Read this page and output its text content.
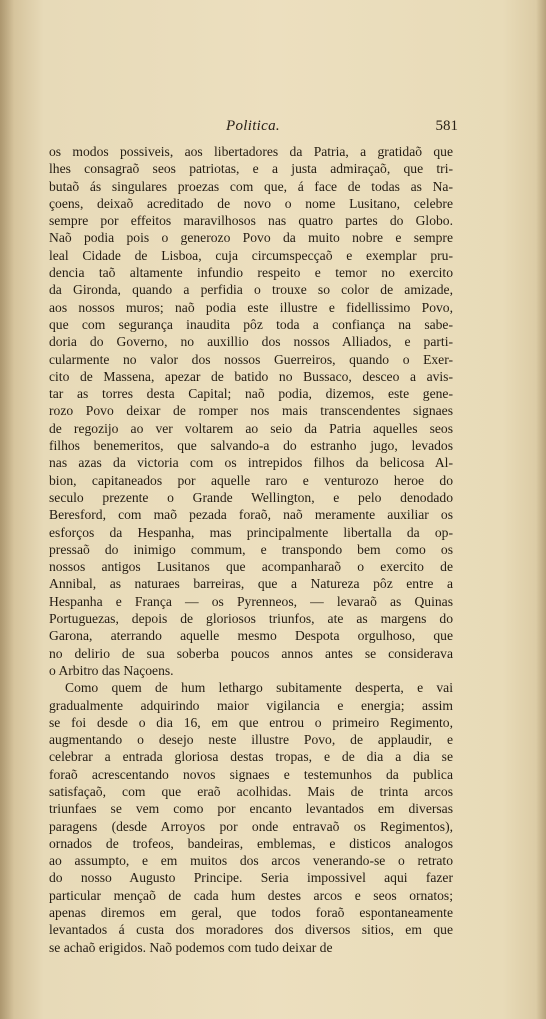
Politica.	581
os modos possiveis, aos libertadores da Patria, a gratidaõ que
lhes consagraõ seos patriotas, e a justa admiraçaõ, que tri-
butaõ ás singulares proezas com que, á face de todas as Na-
çoens, deixaõ acreditado de novo o nome Lusitano, celebre
sempre por effeitos maravilhosos nas quatro partes do Globo.
Naõ podia pois o generozo Povo da muito nobre e sempre
leal Cidade de Lisboa, cuja circumspecçaõ e exemplar pru-
dencia taõ altamente infundio respeito e temor no exercito
da Gironda, quando a perfidia o trouxe so color de amizade,
aos nossos muros; naõ podia este illustre e fidellissimo Povo,
que com segurança inaudita pôz toda a confiança na sabe-
doria do Governo, no auxillio dos nossos Alliados, e parti-
cularmente no valor dos nossos Guerreiros, quando o Exer-
cito de Massena, apezar de batido no Bussaco, desceo a avis-
tar as torres desta Capital; naõ podia, dizemos, este gene-
rozo Povo deixar de romper nos mais transcendentes signaes
de regozijo ao ver voltarem ao seio da Patria aquelles seos
filhos benemeritos, que salvando-a do estranho jugo, levados
nas azas da victoria com os intrepidos filhos da belicosa Al-
bion, capitaneados por aquelle raro e venturozo heroe do
seculo prezente o Grande Wellington, e pelo denodado
Beresford, com maõ pezada foraõ, naõ meramente auxiliar os
esforços da Hespanha, mas principalmente libertalla da op-
pressaõ do inimigo commum, e transpondo bem como os
nossos antigos Lusitanos que acompanharaõ o exercito de
Annibal, as naturaes barreiras, que a Natureza pôz entre a
Hespanha e França — os Pyrenneos, — levaraõ as Quinas
Portuguezas, depois de gloriosos triunfos, ate as margens do
Garona, aterrando aquelle mesmo Despota orgulhoso, que
no delirio de sua soberba poucos annos antes se considerava
o Arbitro das Naçoens.
Como quem de hum lethargo subitamente desperta, e vai
gradualmente adquirindo maior vigilancia e energia; assim
se foi desde o dia 16, em que entrou o primeiro Regimento,
augmentando o desejo neste illustre Povo, de applaudir, e
celebrar a entrada gloriosa destas tropas, e de dia a dia se
foraõ acrescentando novos signaes e testemunhos da publica
satisfaçaõ, com que eraõ acolhidas. Mais de trinta arcos
triunfaes se vem como por encanto levantados em diversas
paragens (desde Arroyos por onde entravaõ os Regimentos),
ornados de trofeos, bandeiras, emblemas, e disticos analogos
ao assumpto, e em muitos dos arcos venerando-se o retrato
do nosso Augusto Principe. Seria impossivel aqui fazer
particular mençaõ de cada hum destes arcos e seos ornatos;
apenas diremos em geral, que todos foraõ espontaneamente
levantados á custa dos moradores dos diversos sitios, em que
se achaõ erigidos. Naõ podemos com tudo deixar de
